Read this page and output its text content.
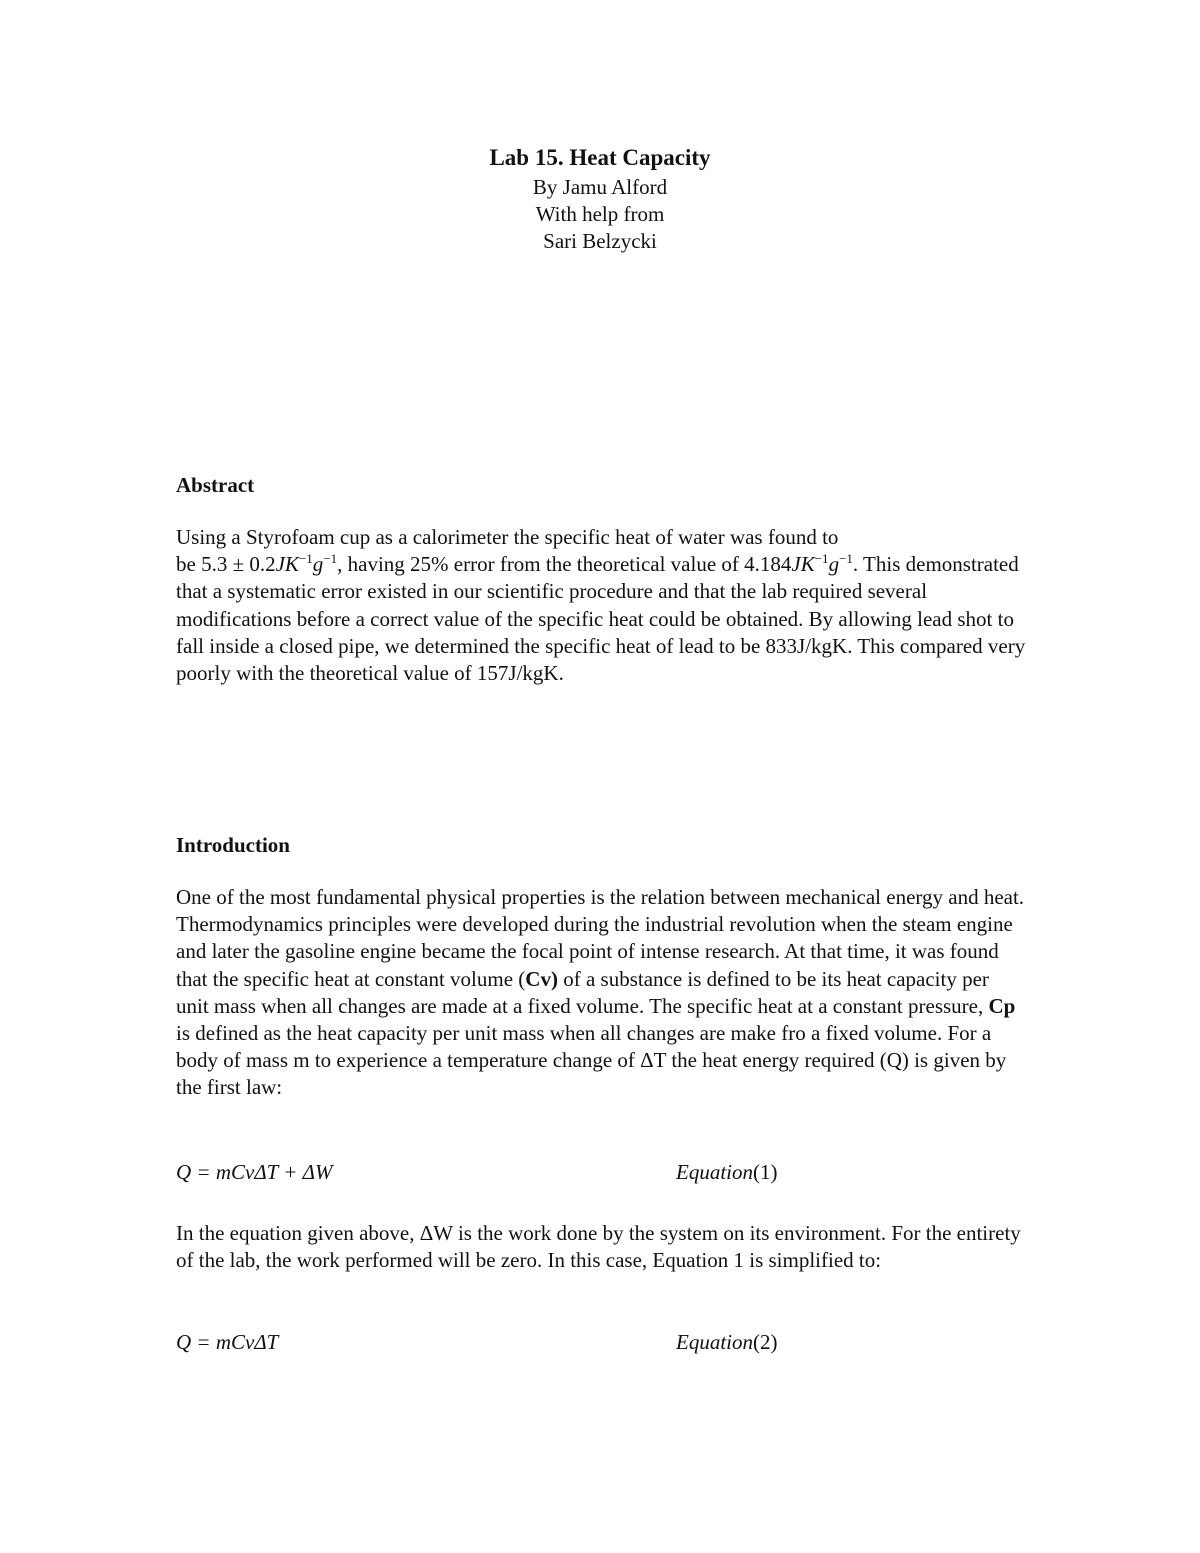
Lab 15. Heat Capacity

By Jamu Alford

With help from

Sari Belzycki

Abstract

Using a Styrofoam cup as a calorimeter the specific heat of water was found to
be $5.3 \pm 0.2JK^{-1}g^{-1}$, having 25% error from the theoretical value of $4.184JK^{-1}g^{-1}$. This demonstrated that a systematic error existed in our scientific procedure and that the lab required several modifications before a correct value of the specific heat could be obtained. By allowing lead shot to fall inside a closed pipe, we determined the specific heat of lead to be 833J/kgK. This compared very poorly with the theoretical value of 157J/kgK.

Introduction

One of the most fundamental physical properties is the relation between mechanical energy and heat. Thermodynamics principles were developed during the industrial revolution when the steam engine and later the gasoline engine became the focal point of intense research. At that time, it was found that the specific heat at constant volume (Cv) of a substance is defined to be its heat capacity per unit mass when all changes are made at a fixed volume. The specific heat at a constant pressure, Cp is defined as the heat capacity per unit mass when all changes are make fro a fixed volume. For a body of mass m to experience a temperature change of ΔT the heat energy required (Q) is given by the first law:

Q = mCvΔT + ΔW	Equation(1)

In the equation given above, ΔW is the work done by the system on its environment. For the entirety of the lab, the work performed will be zero. In this case, Equation 1 is simplified to:

Q = mCvΔT	Equation(2)
